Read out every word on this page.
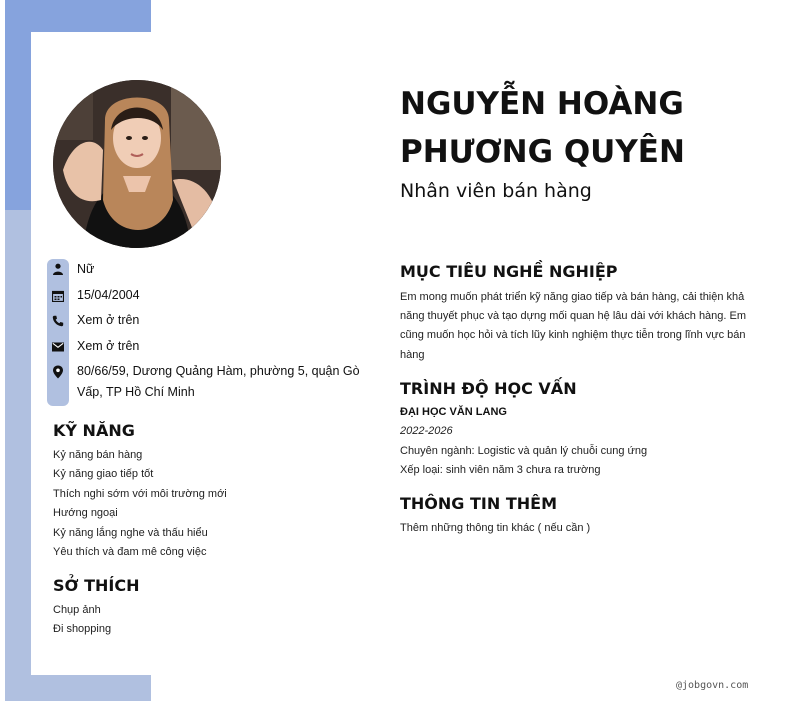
Nữ
15/04/2004
Xem ở trên
Xem ở trên
80/66/59, Dương Quảng Hàm, phường 5, quận Gò Vấp, TP Hồ Chí Minh
KỸ NĂNG
Kỷ năng bán hàng
Kỷ năng giao tiếp tốt
Thích nghi sớm với môi trường mới
Hướng ngoại
Kỷ năng lắng nghe và thấu hiểu
Yêu thích và đam mê công việc
SỞ THÍCH
Chụp ảnh
Đi shopping
NGUYỄN HOÀNG
PHƯƠNG QUYÊN
Nhân viên bán hàng
MỤC TIÊU NGHỀ NGHIỆP

Em mong muốn phát triển kỹ năng giao tiếp và bán hàng, cải thiện khả năng thuyết phục và tạo dựng mối quan hệ lâu dài với khách hàng. Em cũng muốn học hỏi và tích lũy kinh nghiệm thực tiễn trong lĩnh vực bán hàng

TRÌNH ĐỘ HỌC VẤN
ĐẠI HỌC VĂN LANG
2022-2026
Chuyên ngành: Logistic và quản lý chuỗi cung ứng
Xếp loại: sinh viên năm 3 chưa ra trường
THÔNG TIN THÊM
Thêm những thông tin khác ( nếu cần )
@jobgovn.com
